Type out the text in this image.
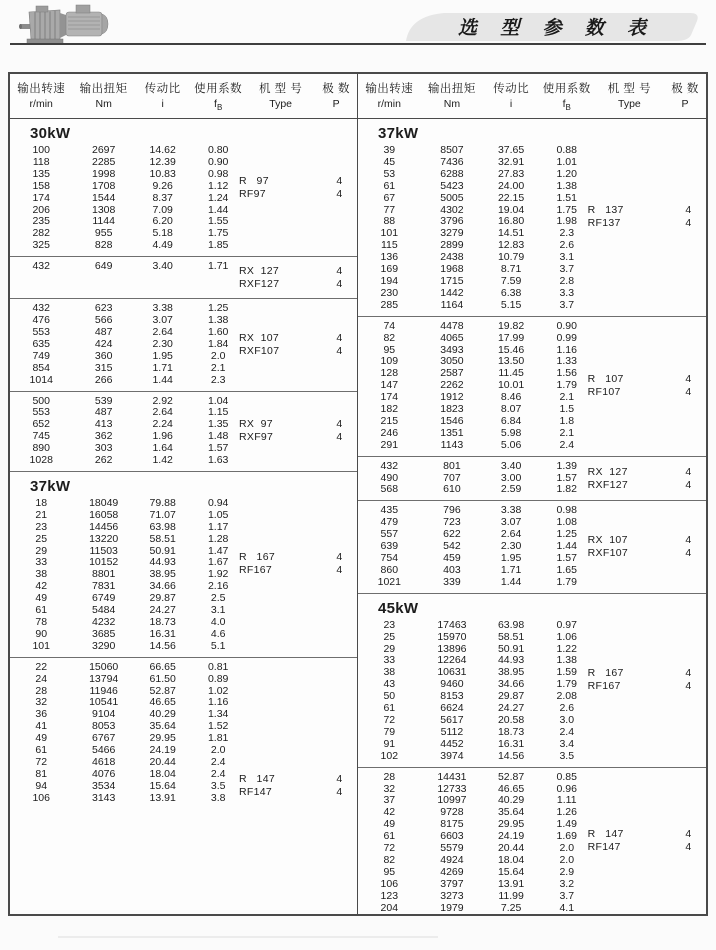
选 型 参 数 表
输出转速
r/min
输出扭矩
Nm
传动比
i
使用系数
$f_B$
机 型 号
Type
极 数
P
30kW
100	2697	14.62	0.80
118	2285	12.39	0.90
135	1998	10.83	0.98
158	1708	9.26	1.12
174	1544	8.37	1.24
206	1308	7.09	1.44
235	1144	6.20	1.55
282	955	5.18	1.75
325	828	4.49	1.85
R   97	4
RF97	4
432	649	3.40	1.71	RX  127	4
RXF127	4
432	623	3.38	1.25
476	566	3.07	1.38
553	487	2.64	1.60
635	424	2.30	1.84
749	360	1.95	2.0
854	315	1.71	2.1
1014	266	1.44	2.3
RX  107	4
RXF107	4
500	539	2.92	1.04
553	487	2.64	1.15
652	413	2.24	1.35
745	362	1.96	1.48
890	303	1.64	1.57
1028	262	1.42	1.63
RX  97	4
RXF97	4
37kW
18	18049	79.88	0.94
21	16058	71.07	1.05
23	14456	63.98	1.17
25	13220	58.51	1.28
29	11503	50.91	1.47
33	10152	44.93	1.67
38	8801	38.95	1.92
42	7831	34.66	2.16
49	6749	29.87	2.5
61	5484	24.27	3.1
78	4232	18.73	4.0
90	3685	16.31	4.6
101	3290	14.56	5.1
R   167	4
RF167	4
22	15060	66.65	0.81
24	13794	61.50	0.89
28	11946	52.87	1.02
32	10541	46.65	1.16
36	9104	40.29	1.34
41	8053	35.64	1.52
49	6767	29.95	1.81
61	5466	24.19	2.0
72	4618	20.44	2.4
81	4076	18.04	2.4
94	3534	15.64	3.5
106	3143	13.91	3.8
R   147	4
RF147	4
输出转速
r/min
输出扭矩
Nm
传动比
i
使用系数
$f_B$
机 型 号
Type
极 数
P
37kW
39	8507	37.65	0.88
45	7436	32.91	1.01
53	6288	27.83	1.20
61	5423	24.00	1.38
67	5005	22.15	1.51
77	4302	19.04	1.75
88	3796	16.80	1.98
101	3279	14.51	2.3
115	2899	12.83	2.6
136	2438	10.79	3.1
169	1968	8.71	3.7
194	1715	7.59	2.8
230	1442	6.38	3.3
285	1164	5.15	3.7
R   137	4
RF137	4
74	4478	19.82	0.90
82	4065	17.99	0.99
95	3493	15.46	1.16
109	3050	13.50	1.33
128	2587	11.45	1.56
147	2262	10.01	1.79
174	1912	8.46	2.1
182	1823	8.07	1.5
215	1546	6.84	1.8
246	1351	5.98	2.1
291	1143	5.06	2.4
R   107	4
RF107	4
432	801	3.40	1.39
490	707	3.00	1.57
568	610	2.59	1.82
RX  127	4
RXF127	4
435	796	3.38	0.98
479	723	3.07	1.08
557	622	2.64	1.25
639	542	2.30	1.44
754	459	1.95	1.57
860	403	1.71	1.65
1021	339	1.44	1.79
RX  107	4
RXF107	4
45kW
23	17463	63.98	0.97
25	15970	58.51	1.06
29	13896	50.91	1.22
33	12264	44.93	1.38
38	10631	38.95	1.59
43	9460	34.66	1.79
50	8153	29.87	2.08
61	6624	24.27	2.6
72	5617	20.58	3.0
79	5112	18.73	2.4
91	4452	16.31	3.4
102	3974	14.56	3.5
R   167	4
RF167	4
28	14431	52.87	0.85
32	12733	46.65	0.96
37	10997	40.29	1.11
42	9728	35.64	1.26
49	8175	29.95	1.49
61	6603	24.19	1.69
72	5579	20.44	2.0
82	4924	18.04	2.0
95	4269	15.64	2.9
106	3797	13.91	3.2
123	3273	11.99	3.7
204	1979	7.25	4.1
R   147	4
RF147	4
